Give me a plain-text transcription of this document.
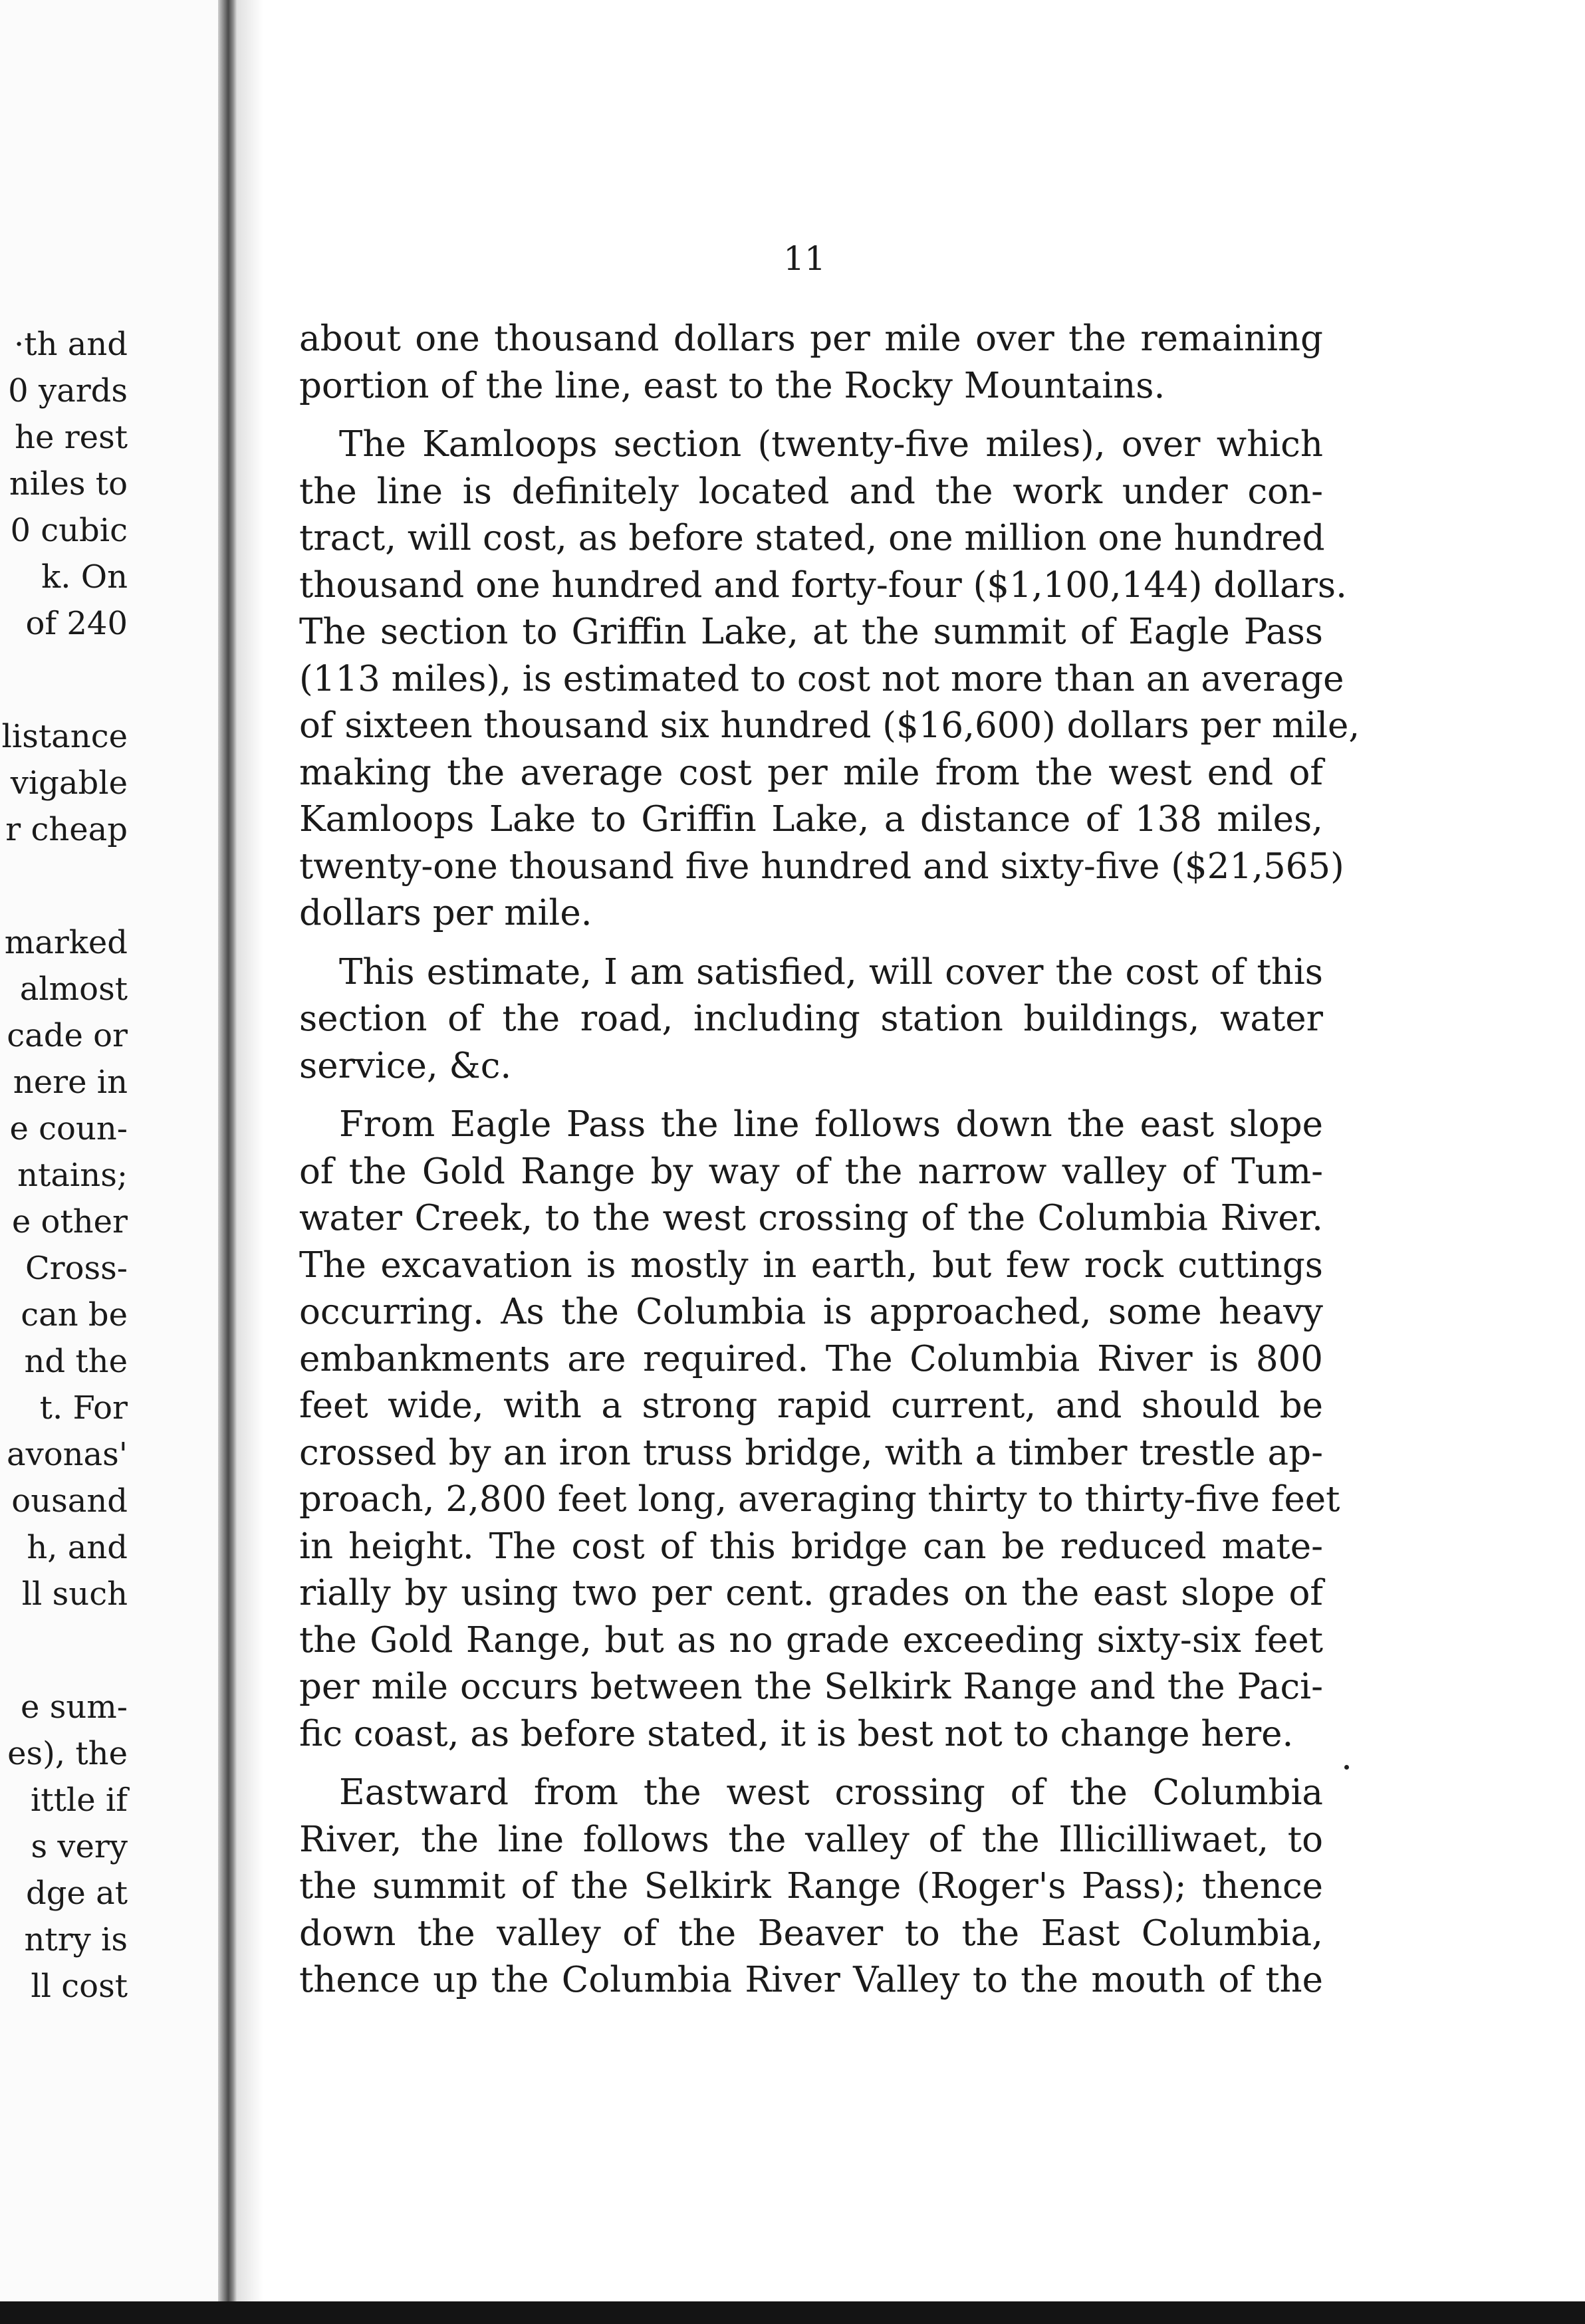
·th and
0 yards
he rest
niles to
0 cubic
k. On
of 240
listance
vigable
r cheap
marked
almost
cade or
nere in
e coun-
ntains;
e other
Cross-
can be
nd the
t. For
avonas'
ousand
h, and
ll such
e sum-
es), the
ittle if
s very
dge at
ntry is
ll cost
11

about one thousand dollars per mile over the remaining
portion of the line, east to the Rocky Mountains.

The Kamloops section (twenty-five miles), over which
the line is definitely located and the work under con-
tract, will cost, as before stated, one million one hundred
thousand one hundred and forty-four ($1,100,144) dollars.
The section to Griffin Lake, at the summit of Eagle Pass
(113 miles), is estimated to cost not more than an average
of sixteen thousand six hundred ($16,600) dollars per mile,
making the average cost per mile from the west end of
Kamloops Lake to Griffin Lake, a distance of 138 miles,
twenty-one thousand five hundred and sixty-five ($21,565)
dollars per mile.

This estimate, I am satisfied, will cover the cost of this
section of the road, including station buildings, water
service, &c.

From Eagle Pass the line follows down the east slope
of the Gold Range by way of the narrow valley of Tum-
water Creek, to the west crossing of the Columbia River.
The excavation is mostly in earth, but few rock cuttings
occurring. As the Columbia is approached, some heavy
embankments are required. The Columbia River is 800
feet wide, with a strong rapid current, and should be
crossed by an iron truss bridge, with a timber trestle ap-
proach, 2,800 feet long, averaging thirty to thirty-five feet
in height. The cost of this bridge can be reduced mate-
rially by using two per cent. grades on the east slope of
the Gold Range, but as no grade exceeding sixty-six feet
per mile occurs between the Selkirk Range and the Paci-
fic coast, as before stated, it is best not to change here.

Eastward from the west crossing of the Columbia
River, the line follows the valley of the Illicilliwaet, to
the summit of the Selkirk Range (Roger's Pass); thence
down the valley of the Beaver to the East Columbia,
thence up the Columbia River Valley to the mouth of the
